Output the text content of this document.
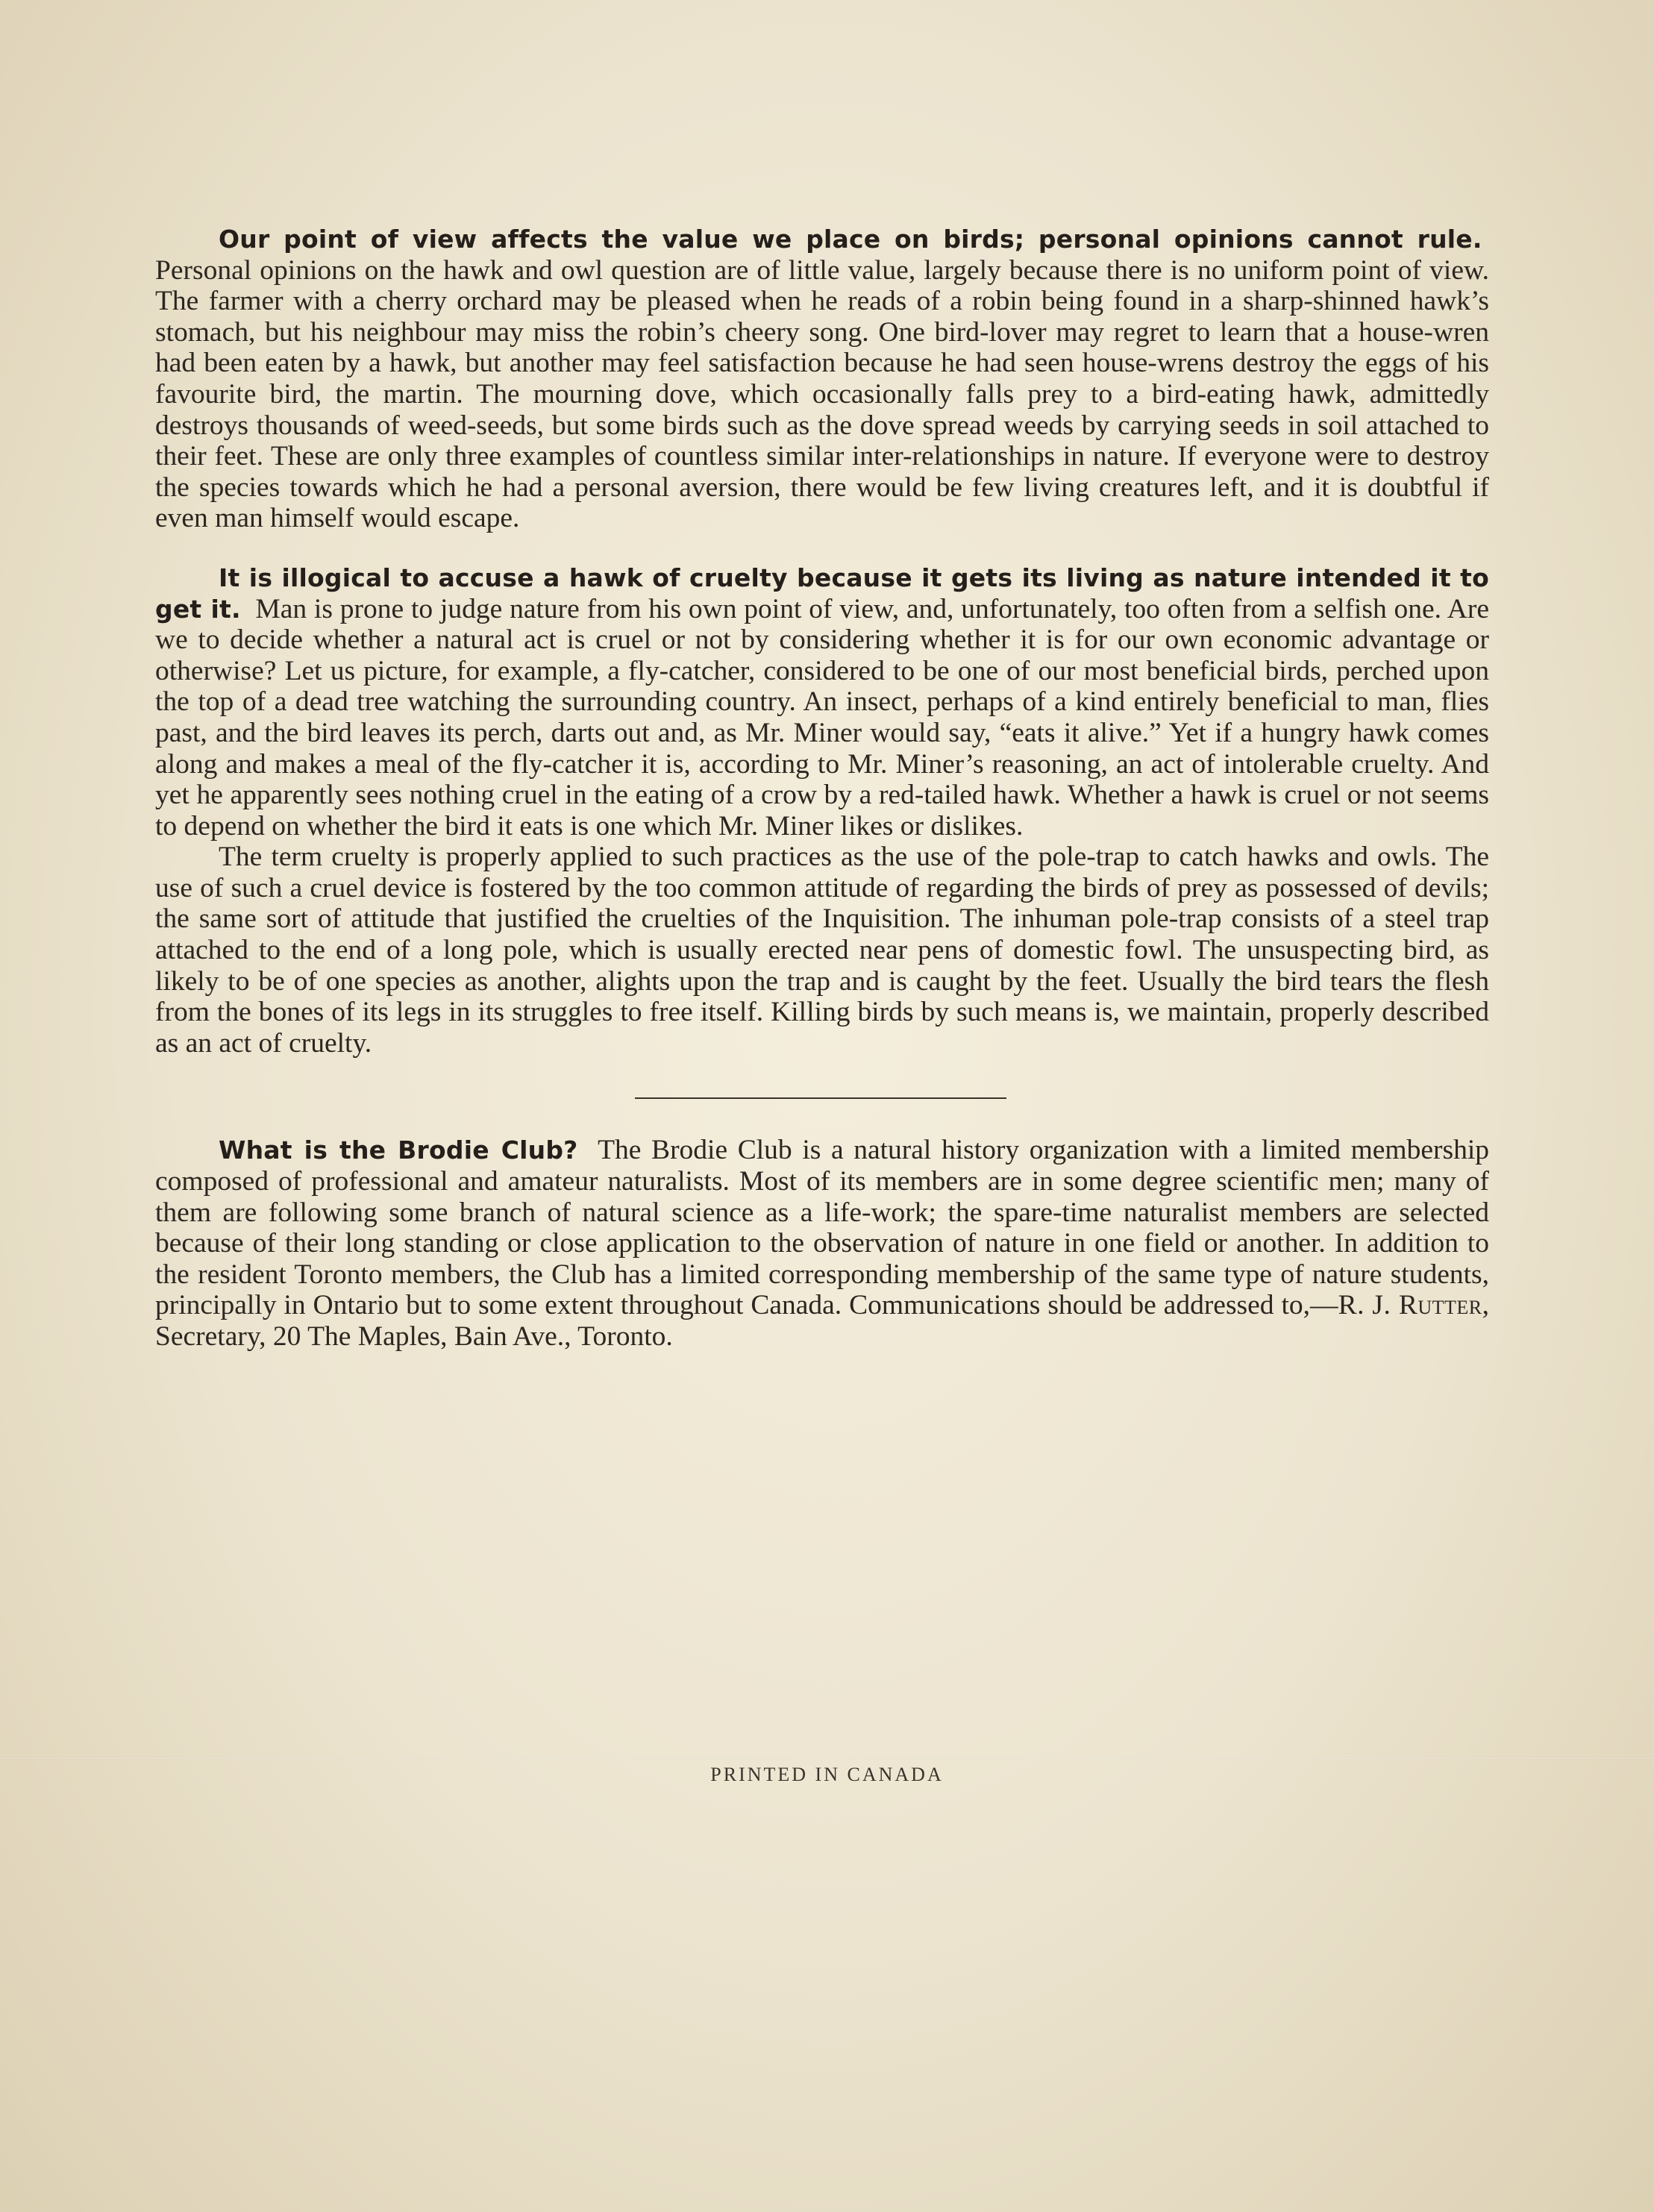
Our point of view affects the value we place on birds; personal opinions cannot rule.  Personal opinions on the hawk and owl question are of little value, largely because there is no uniform point of view. The farmer with a cherry orchard may be pleased when he reads of a robin being found in a sharp-shinned hawk’s stomach, but his neighbour may miss the robin’s cheery song. One bird-lover may regret to learn that a house-wren had been eaten by a hawk, but another may feel satisfaction because he had seen house-wrens destroy the eggs of his favourite bird, the martin. The mourning dove, which occasionally falls prey to a bird-eating hawk, admittedly destroys thousands of weed-seeds, but some birds such as the dove spread weeds by carrying seeds in soil attached to their feet. These are only three examples of countless similar inter-relationships in nature. If everyone were to destroy the species towards which he had a personal aversion, there would be few living creatures left, and it is doubtful if even man himself would escape.

It is illogical to accuse a hawk of cruelty because it gets its living as nature intended it to get it. Man is prone to judge nature from his own point of view, and, unfortunately, too often from a selfish one. Are we to decide whether a natural act is cruel or not by considering whether it is for our own economic advantage or otherwise? Let us picture, for example, a fly-catcher, considered to be one of our most beneficial birds, perched upon the top of a dead tree watching the surrounding country. An insect, perhaps of a kind entirely beneficial to man, flies past, and the bird leaves its perch, darts out and, as Mr. Miner would say, “eats it alive.” Yet if a hungry hawk comes along and makes a meal of the fly-catcher it is, according to Mr. Miner’s reasoning, an act of intolerable cruelty. And yet he apparently sees nothing cruel in the eating of a crow by a red-tailed hawk. Whether a hawk is cruel or not seems to depend on whether the bird it eats is one which Mr. Miner likes or dislikes.

The term cruelty is properly applied to such practices as the use of the pole-trap to catch hawks and owls. The use of such a cruel device is fostered by the too common attitude of regarding the birds of prey as possessed of devils; the same sort of attitude that justified the cruelties of the Inquisition. The inhuman pole-trap consists of a steel trap attached to the end of a long pole, which is usually erected near pens of domestic fowl. The unsuspecting bird, as likely to be of one species as another, alights upon the trap and is caught by the feet. Usually the bird tears the flesh from the bones of its legs in its struggles to free itself. Killing birds by such means is, we maintain, properly described as an act of cruelty.

What is the Brodie Club? The Brodie Club is a natural history organization with a limited membership composed of professional and amateur naturalists. Most of its members are in some degree scientific men; many of them are following some branch of natural science as a life-work; the spare-time naturalist members are selected because of their long standing or close application to the observation of nature in one field or another. In addition to the resident Toronto members, the Club has a limited corresponding membership of the same type of nature students, principally in Ontario but to some extent throughout Canada. Communications should be addressed to,—R. J. Rutter, Secretary, 20 The Maples, Bain Ave., Toronto.

PRINTED IN CANADA
